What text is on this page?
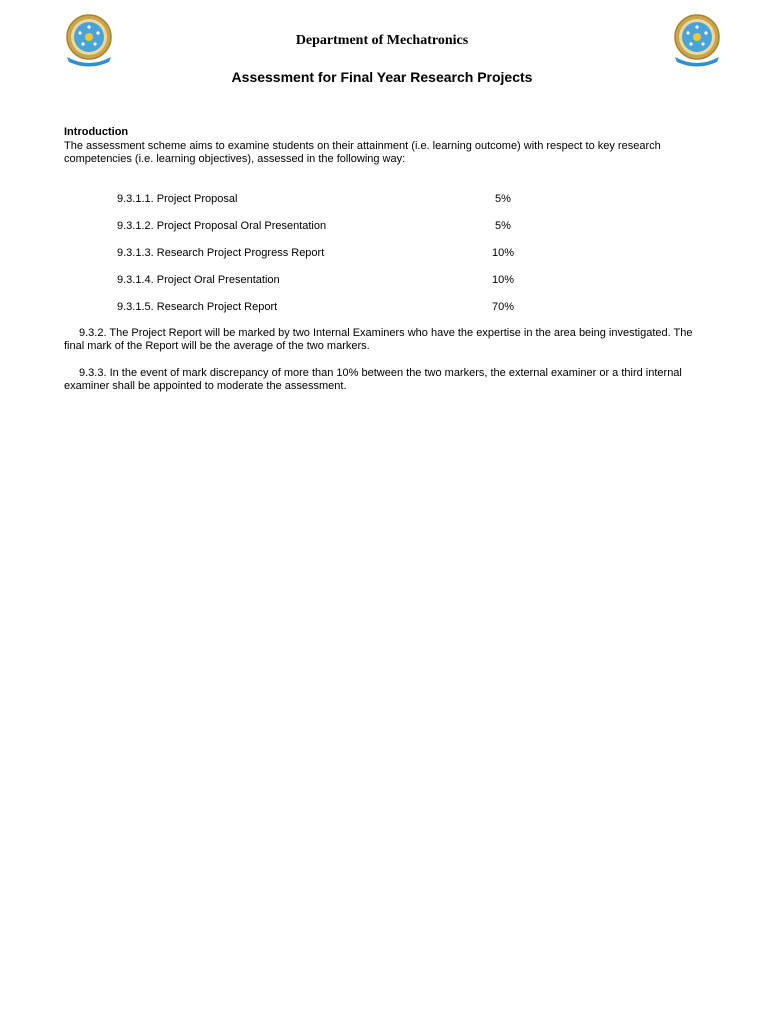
Department of Mechatronics
Assessment for Final Year Research Projects
Introduction
The assessment scheme aims to examine students on their attainment (i.e. learning outcome) with respect to key research competencies (i.e. learning objectives), assessed in the following way:
9.3.1.1. Project Proposal	5%
9.3.1.2. Project Proposal Oral Presentation	5%
9.3.1.3. Research Project Progress Report	10%
9.3.1.4. Project Oral Presentation	10%
9.3.1.5. Research Project Report	70%
9.3.2. The Project Report will be marked by two Internal Examiners who have the expertise in the area being investigated. The final mark of the Report will be the average of the two markers.
9.3.3. In the event of mark discrepancy of more than 10% between the two markers, the external examiner or a third internal examiner shall be appointed to moderate the assessment.
